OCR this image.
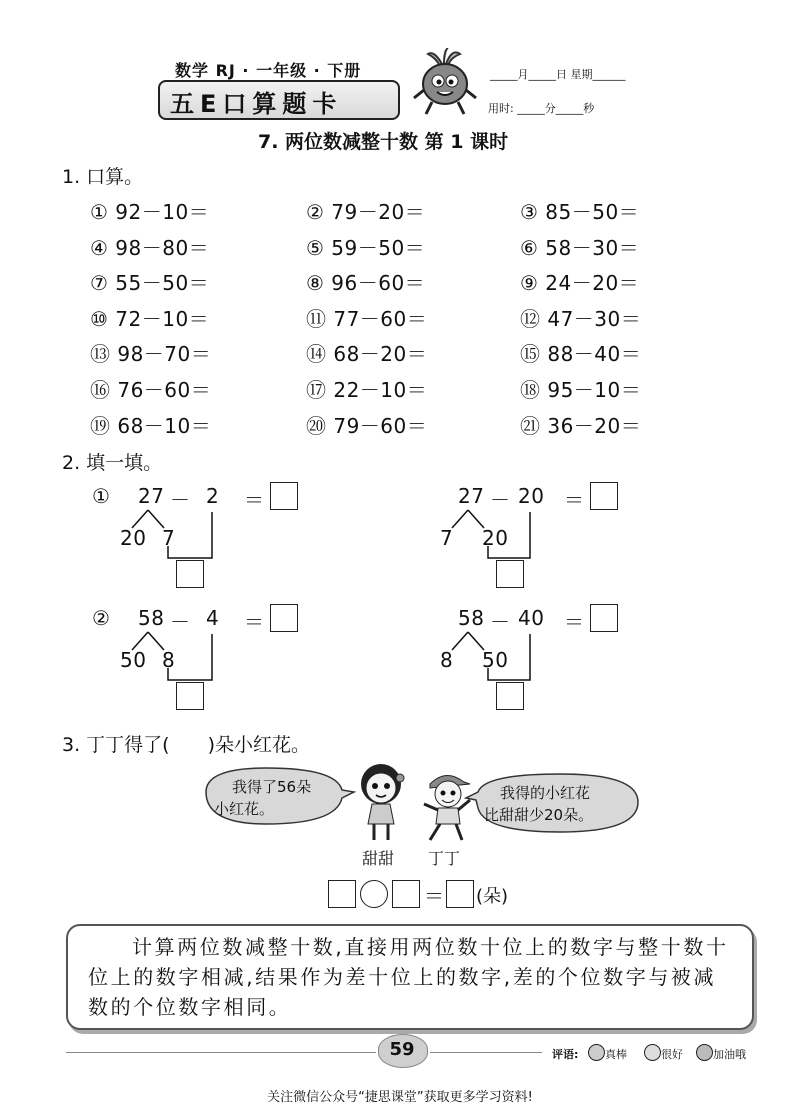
数学 RJ · 一年级 · 下册
五E口算题卡
_____月_____日 星期______
用时: _____分_____秒
7. 两位数减整十数 第 1 课时
1. 口算。
① 92－10＝	② 79－20＝	③ 85－50＝
④ 98－80＝	⑤ 59－50＝	⑥ 58－30＝
⑦ 55－50＝	⑧ 96－60＝	⑨ 24－20＝
⑩ 72－10＝	⑪ 77－60＝	⑫ 47－30＝
⑬ 98－70＝	⑭ 68－20＝	⑮ 88－40＝
⑯ 76－60＝	⑰ 22－10＝	⑱ 95－10＝
⑲ 68－10＝	⑳ 79－60＝	㉑ 36－20＝
2. 填一填。
①
②
27 － 2 ＝
20 7
27 － 20 ＝
7 20
58 － 4 ＝
50 8
58 － 40 ＝
8 50
3. 丁丁得了(　　)朵小红花。
我得了56朵
小红花。
我得的小红花
比甜甜少20朵。
甜甜 丁丁
＝ (朵)
计算两位数减整十数,直接用两位数十位上的数字与整十数十位上的数字相减,结果作为差十位上的数字,差的个位数字与被减数的个位数字相同。
59	评语: 真棒	很好	加油哦
关注微信公众号“捷思课堂”获取更多学习资料!
